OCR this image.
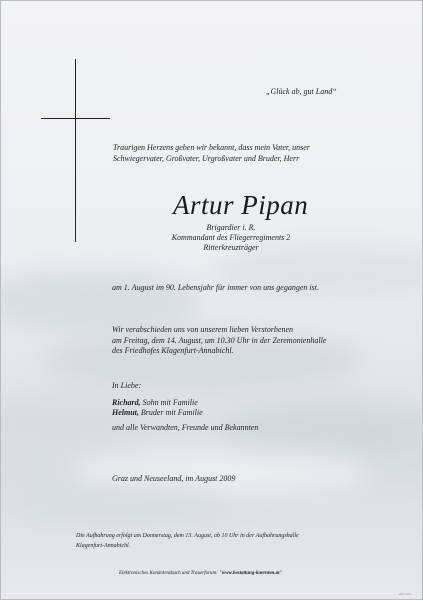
„Glück ab, gut Land“
Traurigen Herzens geben wir bekannt, dass mein Vater, unser
Schwiegervater, Großvater, Urgroßvater und Bruder, Herr
Artur Pipan
Brigardier i. R.
Kommandant des Fliegerregiments 2
Ritterkreuzträger
am 1. August im 90. Lebensjahr für immer von uns gegangen ist.
Wir verabschieden uns von unserem lieben Verstorbenen
am Freitag, dem 14. August, um 10.30 Uhr in der Zeremonienhalle
des Friedhofes Klagenfurt-Annabichl.
In Liebe:
Richard, Sohn mit Familie
Helmut, Bruder mit Familie
und alle Verwandten, Freunde und Bekannten
Graz und Neuseeland, im August 2009
Die Aufbahrung erfolgt am Donnerstag, dem 13. August, ab 10 Uhr in der Aufbahrungshalle
Klagenfurt-Annabichl.
Elektronisches Kondolenzbuch und Trauerforum: "www.bestattung-kaernten.at"
ZZT-001
